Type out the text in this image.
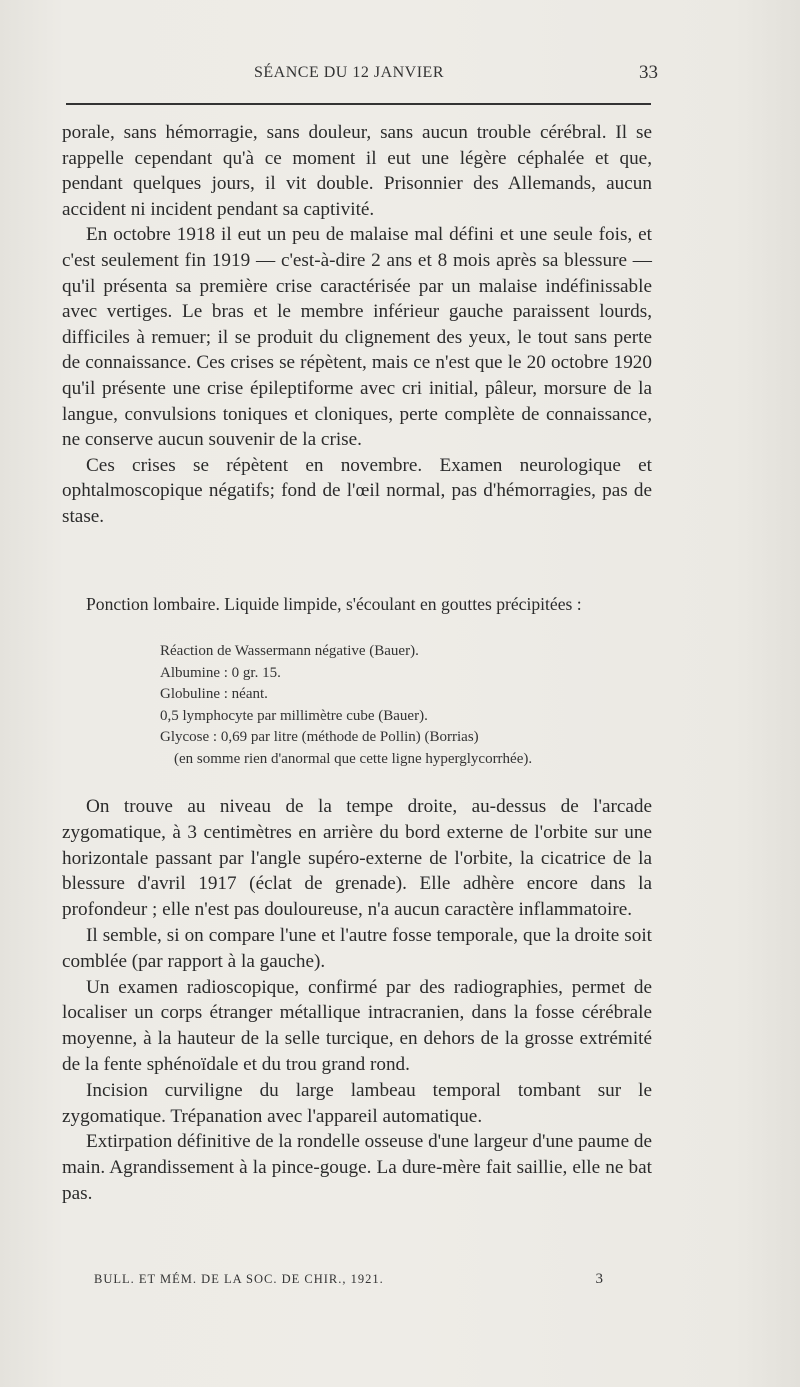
SÉANCE DU 12 JANVIER	33

porale, sans hémorragie, sans douleur, sans aucun trouble cérébral. Il se rappelle cependant qu'à ce moment il eut une légère céphalée et que, pendant quelques jours, il vit double. Prisonnier des Allemands, aucun accident ni incident pendant sa captivité.

En octobre 1918 il eut un peu de malaise mal défini et une seule fois, et c'est seulement fin 1919 — c'est-à-dire 2 ans et 8 mois après sa blessure — qu'il présenta sa première crise caractérisée par un malaise indéfinissable avec vertiges. Le bras et le membre inférieur gauche paraissent lourds, difficiles à remuer; il se produit du clignement des yeux, le tout sans perte de connaissance. Ces crises se répètent, mais ce n'est que le 20 octobre 1920 qu'il présente une crise épileptiforme avec cri initial, pâleur, morsure de la langue, convulsions toniques et cloniques, perte complète de connaissance, ne conserve aucun souvenir de la crise.

Ces crises se répètent en novembre. Examen neurologique et ophtalmoscopique négatifs; fond de l'œil normal, pas d'hémorragies, pas de stase.

Ponction lombaire. Liquide limpide, s'écoulant en gouttes précipitées :

Réaction de Wassermann négative (Bauer).
Albumine : 0 gr. 15.
Globuline : néant.
0,5 lymphocyte par millimètre cube (Bauer).
Glycose : 0,69 par litre (méthode de Pollin) (Borrias)
(en somme rien d'anormal que cette ligne hyperglycorrhée).

On trouve au niveau de la tempe droite, au-dessus de l'arcade zygomatique, à 3 centimètres en arrière du bord externe de l'orbite sur une horizontale passant par l'angle supéro-externe de l'orbite, la cicatrice de la blessure d'avril 1917 (éclat de grenade). Elle adhère encore dans la profondeur ; elle n'est pas douloureuse, n'a aucun caractère inflammatoire.

Il semble, si on compare l'une et l'autre fosse temporale, que la droite soit comblée (par rapport à la gauche).

Un examen radioscopique, confirmé par des radiographies, permet de localiser un corps étranger métallique intracranien, dans la fosse cérébrale moyenne, à la hauteur de la selle turcique, en dehors de la grosse extrémité de la fente sphénoïdale et du trou grand rond.

Incision curviligne du large lambeau temporal tombant sur le zygomatique. Trépanation avec l'appareil automatique.

Extirpation définitive de la rondelle osseuse d'une largeur d'une paume de main. Agrandissement à la pince-gouge. La dure-mère fait saillie, elle ne bat pas.

BULL. ET MÉM. DE LA SOC. DE CHIR., 1921.	3
